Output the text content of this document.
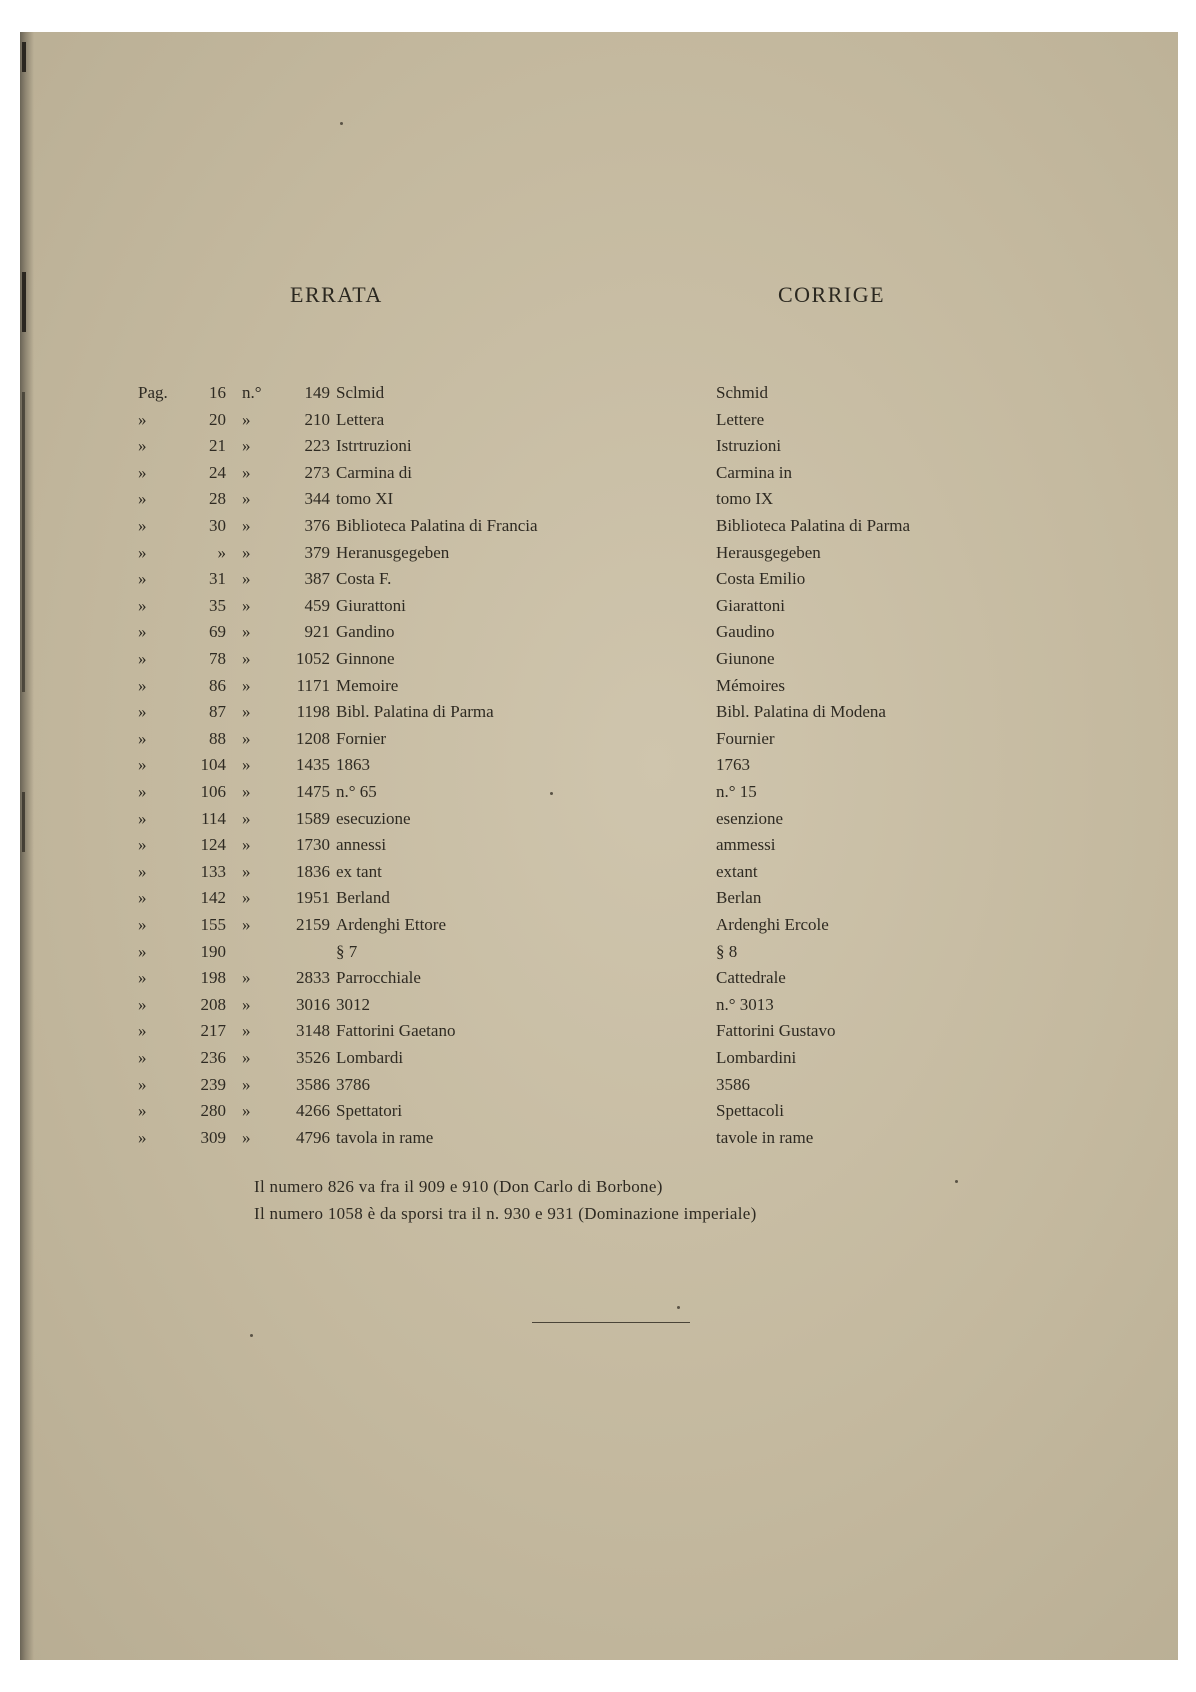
ERRATA	CORRIGE
Pag.	16 n.°	149 Sclmid	Schmid
»	20 »	210 Lettera	Lettere
»	21 »	223 Istrtruzioni	Istruzioni
»	24 »	273 Carmina di	Carmina in
»	28 »	344 tomo XI	tomo IX
»	30 »	376 Biblioteca Palatina di Francia	Biblioteca Palatina di Parma
»	» »	379 Heranusgegeben	Herausgegeben
»	31 »	387 Costa F.	Costa Emilio
»	35 »	459 Giurattoni	Giarattoni
»	69 »	921 Gandino	Gaudino
»	78 »	1052 Ginnone	Giunone
»	86 »	1171 Memoire	Mémoires
»	87 »	1198 Bibl. Palatina di Parma	Bibl. Palatina di Modena
»	88 »	1208 Fornier	Fournier
»	104 »	1435 1863	1763
»	106 »	1475 n.° 65	n.° 15
»	114 »	1589 esecuzione	esenzione
»	124 »	1730 annessi	ammessi
»	133 »	1836 ex tant	extant
»	142 »	1951 Berland	Berlan
»	155 »	2159 Ardenghi Ettore	Ardenghi Ercole
»	190	§ 7	§ 8
»	198 »	2833 Parrocchiale	Cattedrale
»	208 »	3016 3012	n.° 3013
»	217 »	3148 Fattorini Gaetano	Fattorini Gustavo
»	236 »	3526 Lombardi	Lombardini
»	239 »	3586 3786	3586
»	280 »	4266 Spettatori	Spettacoli
»	309 »	4796 tavola in rame	tavole in rame
Il numero 826 va fra il 909 e 910 (Don Carlo di Borbone)
Il numero 1058 è da sporsi tra il n. 930 e 931 (Dominazione imperiale)
